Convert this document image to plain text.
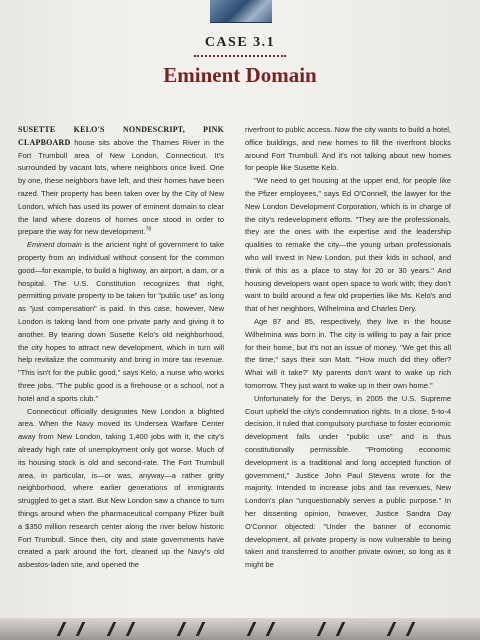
CASE 3.1
Eminent Domain

SUSETTE KELO'S NONDESCRIPT, PINK CLAPBOARD house sits above the Thames River in the Fort Trumbull area of New London, Connecticut. It's surrounded by vacant lots, where neighbors once lived. One by one, these neighbors have left, and their homes have been razed. Their property has been taken over by the City of New London, which has used its power of eminent domain to clear the land where dozens of homes once stood in order to prepare the way for new development.$^{78}$

Eminent domain is the ancient right of government to take property from an individual without consent for the common good—for example, to build a highway, an airport, a dam, or a hospital. The U.S. Constitution recognizes that right, permitting private property to be taken for "public use" as long as "just compensation" is paid. In this case, however, New London is taking land from one private party and giving it to another. By tearing down Susette Kelo's old neighborhood, the city hopes to attract new development, which in turn will help revitalize the community and bring in more tax revenue. "This isn't for the public good," says Kelo, a nurse who works three jobs. "The public good is a firehouse or a school, not a hotel and a sports club."

Connecticut officially designates New London a blighted area. When the Navy moved its Undersea Warfare Center away from New London, taking 1,400 jobs with it, the city's already high rate of unemployment only got worse. Much of its housing stock is old and second-rate. The Fort Trumbull area, in particular, is—or was, anyway—a rather gritty neighborhood, where earlier generations of immigrants struggled to get a start. But New London saw a chance to turn things around when the pharmaceutical company Pfizer built a $350 million research center along the river below historic Fort Trumbull. Since then, city and state governments have created a park around the fort, cleaned up the Navy's old asbestos-laden site, and opened the

riverfront to public access. Now the city wants to build a hotel, office buildings, and new homes to fill the riverfront blocks around Fort Trumbull. And it's not talking about new homes for people like Susette Kelo.

"We need to get housing at the upper end, for people like the Pfizer employees," says Ed O'Connell, the lawyer for the New London Development Corporation, which is in charge of the city's redevelopment efforts. "They are the professionals, they are the ones with the expertise and the leadership qualities to remake the city—the young urban professionals who will invest in New London, put their kids in school, and think of this as a place to stay for 20 or 30 years." And housing developers want open space to work with; they don't want to build around a few old properties like Ms. Kelo's and that of her neighbors, Wilhelmina and Charles Dery.

Age 87 and 85, respectively, they live in the house Wilhelmina was born in. The city is willing to pay a fair price for their home, but it's not an issue of money. "We get this all the time," says their son Matt. "'How much did they offer? What will it take?' My parents don't want to wake up rich tomorrow. They just want to wake up in their own home."

Unfortunately for the Derys, in 2005 the U.S. Supreme Court upheld the city's condemnation rights. In a close, 5-to-4 decision, it ruled that compulsory purchase to foster economic development falls under "public use" and is thus constitutionally permissible. "Promoting economic development is a traditional and long accepted function of government," Justice John Paul Stevens wrote for the majority. Intended to increase jobs and tax revenues, New London's plan "unquestionably serves a public purpose." In her dissenting opinion, however, Justice Sandra Day O'Connor objected: "Under the banner of economic development, all private property is now vulnerable to being taken and transferred to another private owner, so long as it might be
